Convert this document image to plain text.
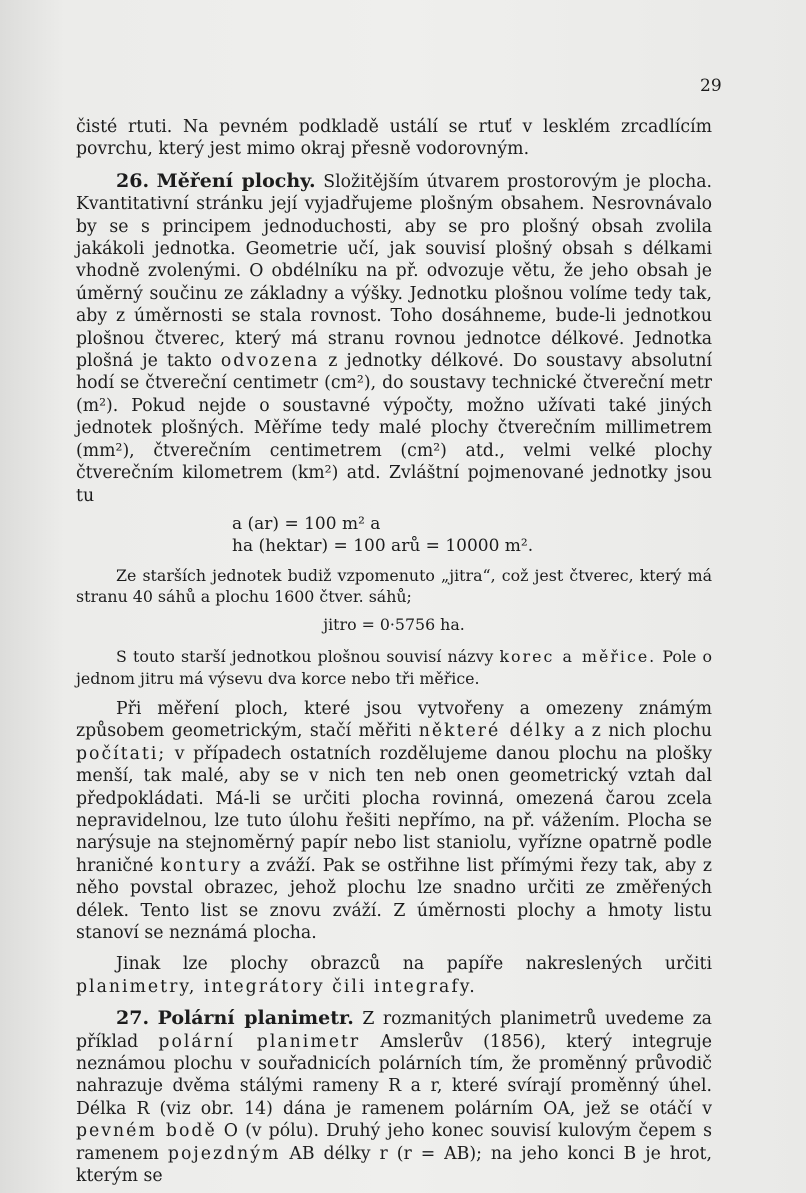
29

čisté rtuti. Na pevném podkladě ustálí se rtuť v lesklém zrcadlícím povrchu, který jest mimo okraj přesně vodorovným.

26. Měření plochy. Složitějším útvarem prostorovým je plocha. Kvantitativní stránku její vyjadřujeme plošným obsahem. Nesrovnávalo by se s principem jednoduchosti, aby se pro plošný obsah zvolila jakákoli jednotka. Geometrie učí, jak souvisí plošný obsah s délkami vhodně zvolenými. O obdélníku na př. odvozuje větu, že jeho obsah je úměrný součinu ze základny a výšky. Jednotku plošnou volíme tedy tak, aby z úměrnosti se stala rovnost. Toho dosáhneme, bude-li jednotkou plošnou čtverec, který má stranu rovnou jednotce délkové. Jednotka plošná je takto odvozena z jednotky délkové. Do soustavy absolutní hodí se čtvereční centimetr (cm²), do soustavy technické čtvereční metr (m²). Pokud nejde o soustavné výpočty, možno užívati také jiných jednotek plošných. Měříme tedy malé plochy čtverečním millimetrem (mm²), čtverečním centimetrem (cm²) atd., velmi velké plochy čtverečním kilometrem (km²) atd. Zvláštní pojmenované jednotky jsou tu

a (ar) = 100 m² a
ha (hektar) = 100 arů = 10000 m².

Ze starších jednotek budiž vzpomenuto „jitra“, což jest čtverec, který má stranu 40 sáhů a plochu 1600 čtver. sáhů;

jitro = 0·5756 ha.

S touto starší jednotkou plošnou souvisí názvy korec a měřice. Pole o jednom jitru má výsevu dva korce nebo tři měřice.

Při měření ploch, které jsou vytvořeny a omezeny známým způsobem geometrickým, stačí měřiti některé délky a z nich plochu počítati; v případech ostatních rozdělujeme danou plochu na plošky menší, tak malé, aby se v nich ten neb onen geometrický vztah dal předpokládati. Má-li se určiti plocha rovinná, omezená čarou zcela nepravidelnou, lze tuto úlohu řešiti nepřímo, na př. vážením. Plocha se narýsuje na stejnoměrný papír nebo list staniolu, vyřízne opatrně podle hraničné kontury a zváží. Pak se ostřihne list přímými řezy tak, aby z něho povstal obrazec, jehož plochu lze snadno určiti ze změřených délek. Tento list se znovu zváží. Z úměrnosti plochy a hmoty listu stanoví se neznámá plocha.

Jinak lze plochy obrazců na papíře nakreslených určiti planimetry, integrátory čili integrafy.

27. Polární planimetr. Z rozmanitých planimetrů uvedeme za příklad polární planimetr Amslerův (1856), který integruje neznámou plochu v souřadnicích polárních tím, že proměnný průvodič nahrazuje dvěma stálými rameny R a r, které svírají proměnný úhel. Délka R (viz obr. 14) dána je ramenem polárním OA, jež se otáčí v pevném bodě O (v pólu). Druhý jeho konec souvisí kulovým čepem s ramenem pojezdným AB délky r (r = AB); na jeho konci B je hrot, kterým se
